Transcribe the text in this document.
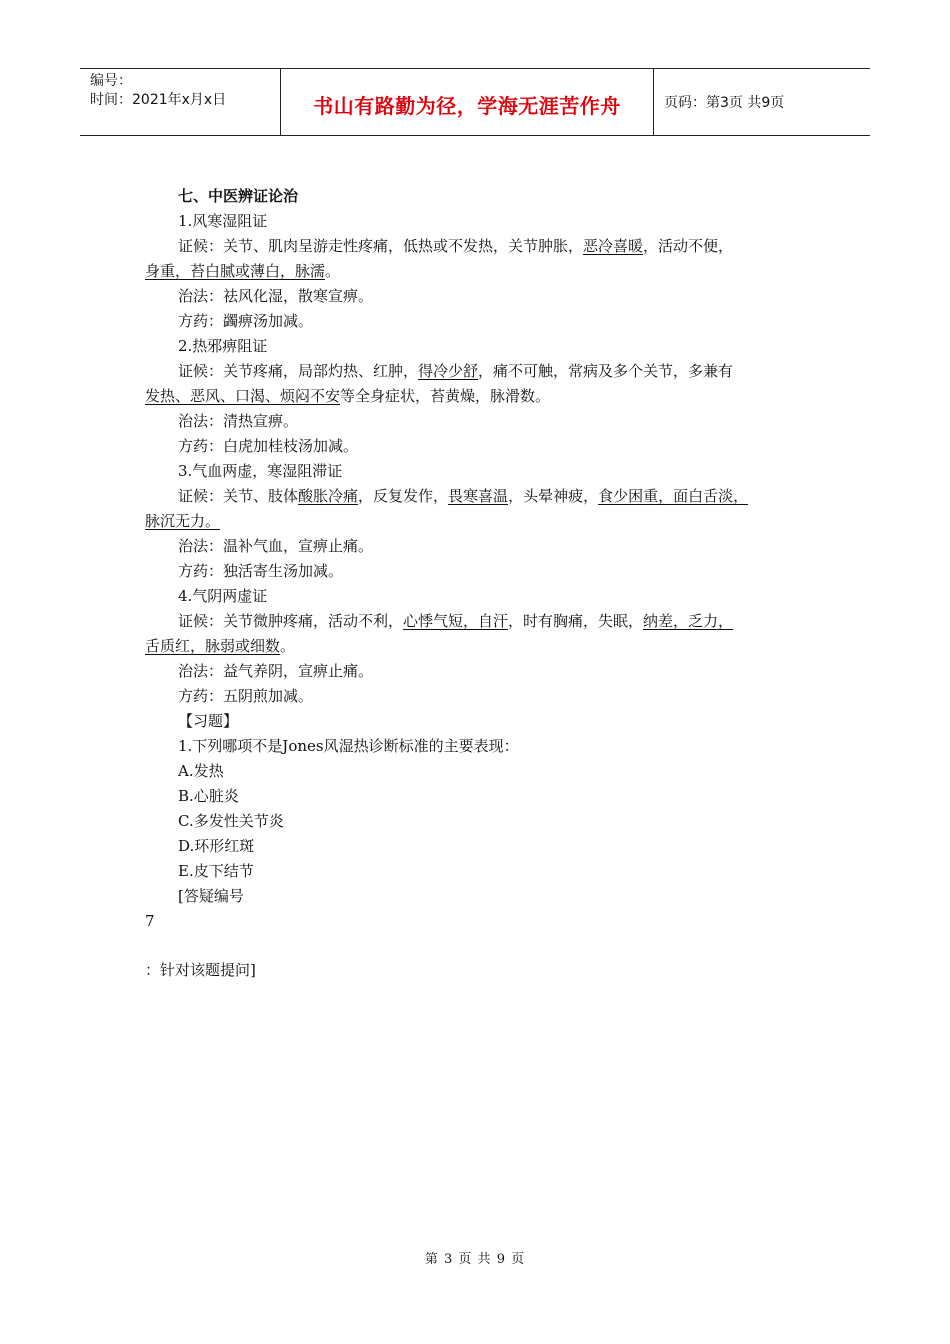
编号：
时间：2021年x月x日	书山有路勤为径，学海无涯苦作舟	页码：第3页 共9页
七、中医辨证论治
1.风寒湿阻证
证候：关节、肌肉呈游走性疼痛，低热或不发热，关节肿胀，恶冷喜暖，活动不便，
身重，苔白腻或薄白，脉濡。
治法：祛风化湿，散寒宣痹。
方药：蠲痹汤加减。
2.热邪痹阻证
证候：关节疼痛，局部灼热、红肿，得冷少舒，痛不可触，常病及多个关节，多兼有
发热、恶风、口渴、烦闷不安等全身症状，苔黄燥，脉滑数。
治法：清热宣痹。
方药：白虎加桂枝汤加减。
3.气血两虚，寒湿阻滞证
证候：关节、肢体酸胀冷痛，反复发作，畏寒喜温，头晕神疲，食少困重，面白舌淡，
脉沉无力。
治法：温补气血，宣痹止痛。
方药：独活寄生汤加减。
4.气阴两虚证
证候：关节微肿疼痛，活动不利，心悸气短，自汗，时有胸痛，失眠，纳差，乏力，
舌质红，脉弱或细数。
治法：益气养阴，宣痹止痛。
方药：五阴煎加减。
【习题】
1.下列哪项不是Jones风湿热诊断标准的主要表现：
A.发热
B.心脏炎
C.多发性关节炎
D.环形红斑
E.皮下结节
[答疑编号
7
：针对该题提问]
第 3 页 共 9 页
